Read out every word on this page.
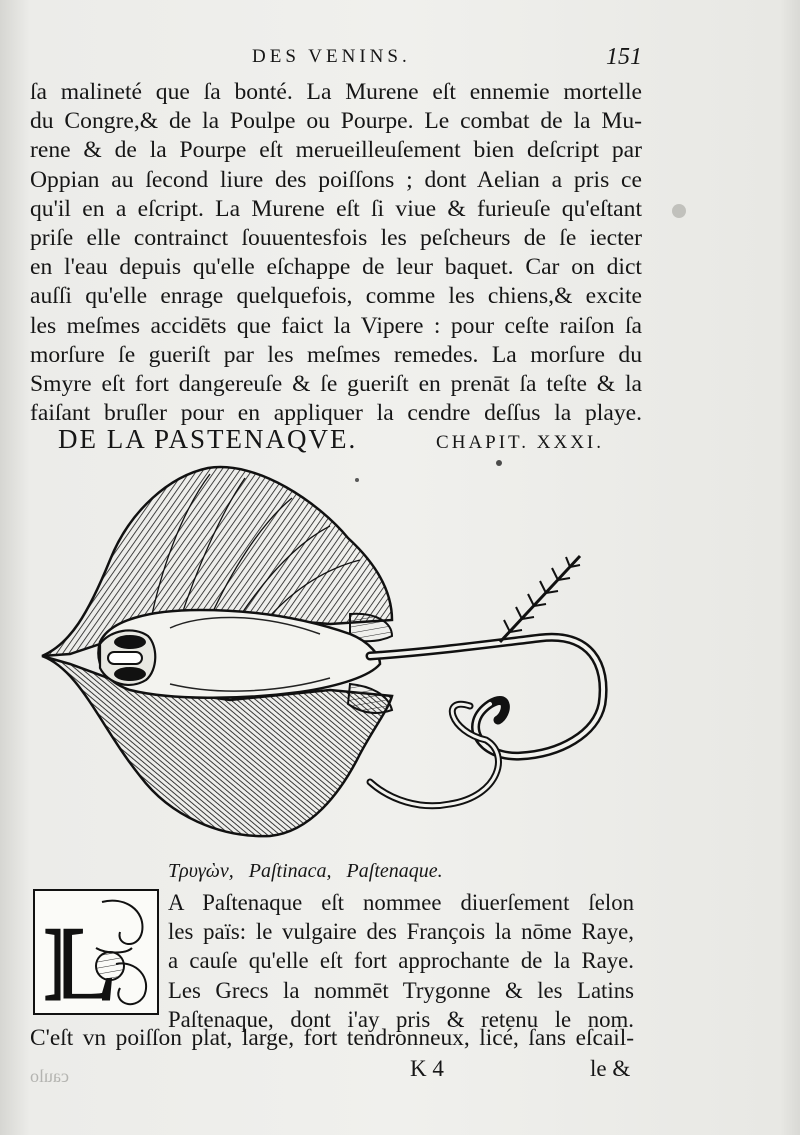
DES VENINS.	151
ſa malineté que ſa bonté. La Murene eſt ennemie mortelle
du Congre,& de la Poulpe ou Pourpe. Le combat de la Mu-
rene & de la Pourpe eſt merueilleuſement bien deſcript par
Oppian au ſecond liure des poiſſons ; dont Aelian a pris ce
qu'il en a eſcript. La Murene eſt ſi viue & furieuſe qu'eſtant
priſe elle contrainct ſouuentesfois les peſcheurs de ſe iecter
en l'eau depuis qu'elle eſchappe de leur baquet. Car on dict
auſſi qu'elle enrage quelquefois, comme les chiens,& excite
les meſmes accidēts que faict la Vipere : pour ceſte raiſon ſa
morſure ſe gueriſt par les meſmes remedes. La morſure du
Smyre eſt fort dangereuſe & ſe gueriſt en prenāt ſa teſte & la
faiſant bruſler pour en appliquer la cendre deſſus la playe.
DE LA PASTENAQVE.	CHAPIT. XXXI.
Τρυγὼν,   Paſtinaca,   Paſtenaque.
L
A Paſtenaque eſt nommee diuerſement ſelon
les païs: le vulgaire des François la nōme Raye,
a cauſe qu'elle eſt fort approchante de la Raye.
Les Grecs la nommēt Trygonne & les Latins
Paſtenaque, dont i'ay pris & retenu le nom.
C'eſt vn poiſſon plat, large, fort tendronneux, licé, ſans eſcail-
K 4	le &
caulo
